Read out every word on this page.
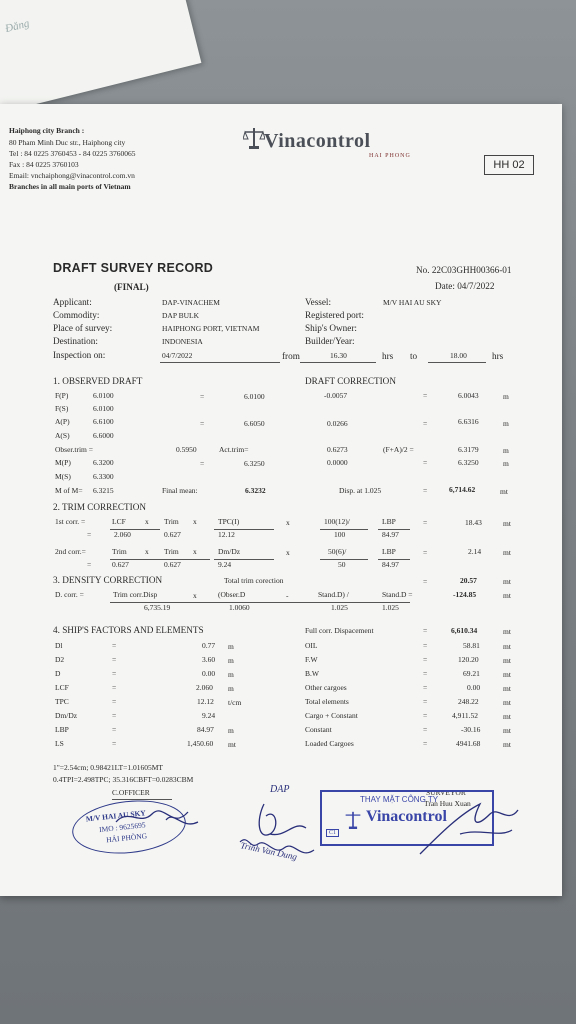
Đăng
Haiphong city Branch :
80 Pham Minh Duc str., Haiphong city
Tel : 84 0225 3760453 - 84 0225 3760065
Fax : 84 0225 3760103
Email: vnchaiphong@vinacontrol.com.vn
Branches in all main ports of Vietnam
Vinacontrol
HAI PHONG
HH 02
DRAFT SURVEY RECORD
(FINAL)
No. 22C03GHH00366-01
Date: 04/7/2022
Applicant:	DAP-VINACHEM
Commodity:	DAP BULK
Place of survey:	HAIPHONG PORT, VIETNAM
Destination:	INDONESIA
Inspection on:	04/7/2022	from	16.30	hrs to	18.00	hrs
Vessel:	M/V HAI AU SKY
Registered port:
Ship's Owner:
Builder/Year:
1. OBSERVED DRAFT	DRAFT CORRECTION
F(P)	6.0100	=	6.0100	-0.0057	=	6.0043	m
F(S)	6.0100
A(P)	6.6100	=	6.6050	0.0266	=	6.6316	m
A(S)	6.6000
Obser.trim =	0.5950	Act.trim=	0.6273	(F+A)/2 =	6.3179	m
M(P)	6.3200	=	6.3250	0.0000	=	6.3250	m
M(S)	6.3300
M of M= 6.3215	Final mean:	6.3232	Disp. at 1.025	=	6,714.62	mt
2. TRIM CORRECTION
1st corr. =	LCF	x Trim x	TPC(I)	x	100(12)/	LBP	=	18.43	mt
=	2.060	0.627	12.12	100	84.97
2nd corr.=	Trim x Trim x	Dm/Dz	x	50(6)/	LBP	=	2.14	mt
=	0.627	0.627	9.24	50	84.97
3. DENSITY CORRECTION	Total trim corection	=	20.57	mt
D. corr. =	Trim corr.Disp	x	(Obser.D	-	Stand.D) /	Stand.D =	-124.85	mt
6,735.19	1.0060	1.025	1.025
4. SHIP'S FACTORS AND ELEMENTS
Dl	=	0.77 m
D2	=	3.60 m
D	=	0.00 m
LCF	=	2.060 m
TPC	=	12.12 t/cm
Dm/Dz	=	9.24
LBP	=	84.97 m
LS	=	1,450.60 mt
Full corr. Dispacement	=	6,610.34	mt
OIL	=	58.81	mt
F.W	=	120.20	mt
B.W	=	69.21	mt
Other cargoes	=	0.00	mt
Total elements	=	248.22	mt
Cargo + Constant	=	4,911.52	mt
Constant	=	-30.16	mt
Loaded Cargoes	=	4941.68	mt
1"=2.54cm; 0.98421LT=1.01605MT
0.4TPI=2.498TPC; 35.316CBFT=0.0283CBM
C.OFFICER
M/V HAI AU SKY
IMO : 9625695
HẢI PHÒNG
DAP
Trinh Van Dung
SURVEYOR
Tran Huu Xuan
THAY MẶT CÔNG TY
Vinacontrol
C1
